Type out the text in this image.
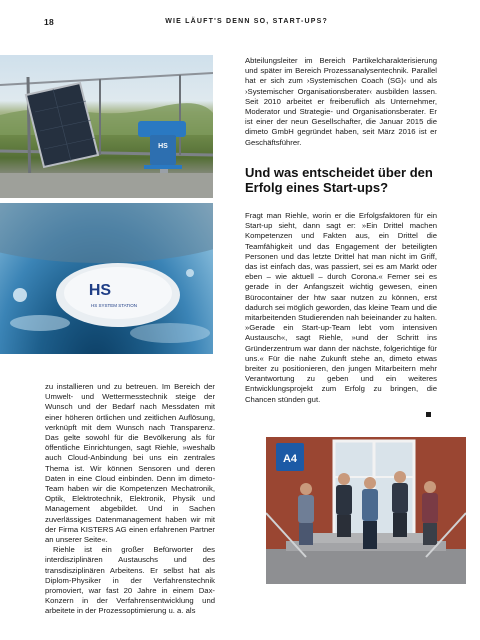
18	WIE LÄUFT'S DENN SO, START-UPS?
HS
HS
HS SYSTEM STATION

Abteilungsleiter im Bereich Partikelcharakterisierung und später im Bereich Prozessanalysentechnik. Parallel hat er sich zum ›Systemischen Coach (SG)‹ und als ›Systemischer Organisationsberater‹ ausbilden lassen. Seit 2010 arbeitet er freiberuflich als Unternehmer, Moderator und Strategie- und Organisationsberater. Er ist einer der neun Gesellschafter, die Januar 2015 die dimeto GmbH gegründet haben, seit März 2016 ist er Geschäftsführer.

Und was entscheidet über den Erfolg eines Start-ups?

Fragt man Riehle, worin er die Erfolgsfaktoren für ein Start-up sieht, dann sagt er: »Ein Drittel machen Kompetenzen und Fakten aus, ein Drittel die Teamfähigkeit und das Engagement der beteiligten Personen und das letzte Drittel hat man nicht im Griff, das ist einfach das, was passiert, sei es am Markt oder eben – wie aktuell – durch Corona.« Ferner sei es gerade in der Anfangszeit wichtig gewesen, einen Bürocontainer der htw saar nutzen zu können, erst dadurch sei möglich geworden, das kleine Team und die mitarbeitenden Studierenden nah beieinander zu halten. »Gerade ein Start-up-Team lebt vom intensiven Austausch«, sagt Riehle, »und der Schritt ins Gründerzentrum war dann der nächste, folgerichtige für uns.« Für die nahe Zukunft stehe an, dimeto etwas breiter zu positionieren, den jungen Mitarbeitern mehr Verantwortung zu geben und ein weiteres Entwicklungsprojekt zum Erfolg zu bringen, die Chancen stünden gut.

zu installieren und zu betreuen. Im Bereich der Umwelt- und Wettermesstechnik steige der Wunsch und der Bedarf nach Messdaten mit einer höheren örtlichen und zeitlichen Auflösung, verknüpft mit dem Wunsch nach Transparenz. Das gelte sowohl für die Bevölkerung als für öffentliche Einrichtungen, sagt Riehle, »weshalb auch Cloud-Anbindung bei uns ein zentrales Thema ist. Wir können Sensoren und deren Daten in eine Cloud einbinden. Denn im dimeto-Team haben wir die Kompetenzen Mechatronik, Optik, Elektrotechnik, Elektronik, Physik und Management abgebildet. Und in Sachen zuverlässiges Datenmanagement haben wir mit der Firma KISTERS AG einen erfahrenen Partner an unserer Seite«.

Riehle ist ein großer Befürworter des interdisziplinären Austauschs und des transdisziplinären Arbeitens. Er selbst hat als Diplom-Physiker in der Verfahrenstechnik promoviert, war fast 20 Jahre in einem Dax-Konzern in der Verfahrensentwicklung und arbeitete in der Prozessoptimierung u. a. als

A4
